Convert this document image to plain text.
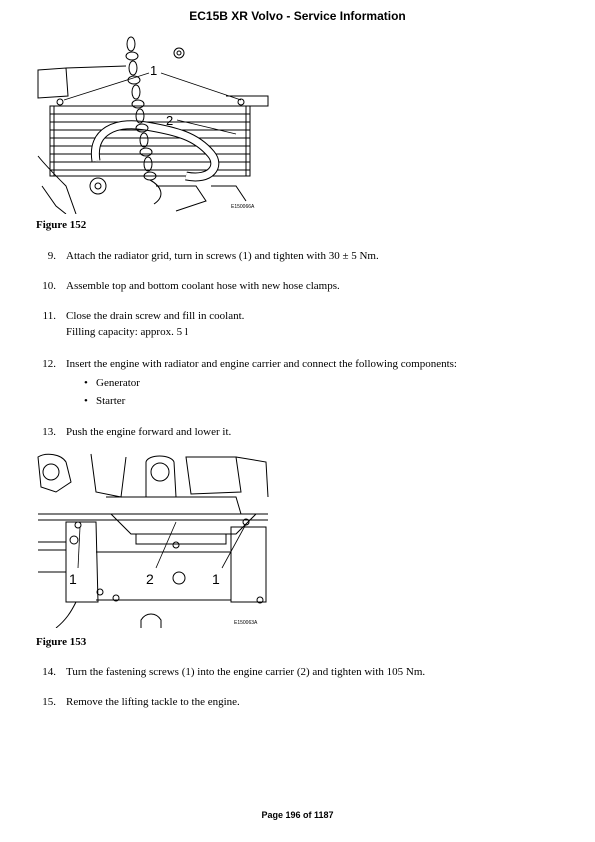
EC15B XR Volvo - Service Information
1
2
E150066A
Figure 152
9. Attach the radiator grid, turn in screws (1) and tighten with 30 ± 5 Nm.
10. Assemble top and bottom coolant hose with new hose clamps.
11. Close the drain screw and fill in coolant.
Filling capacity: approx. 5 l
12. Insert the engine with radiator and engine carrier and connect the following components:
• Generator
• Starter
13. Push the engine forward and lower it.
1	2	1
E150063A
Figure 153
14. Turn the fastening screws (1) into the engine carrier (2) and tighten with 105 Nm.
15. Remove the lifting tackle to the engine.
Page 196 of 1187
